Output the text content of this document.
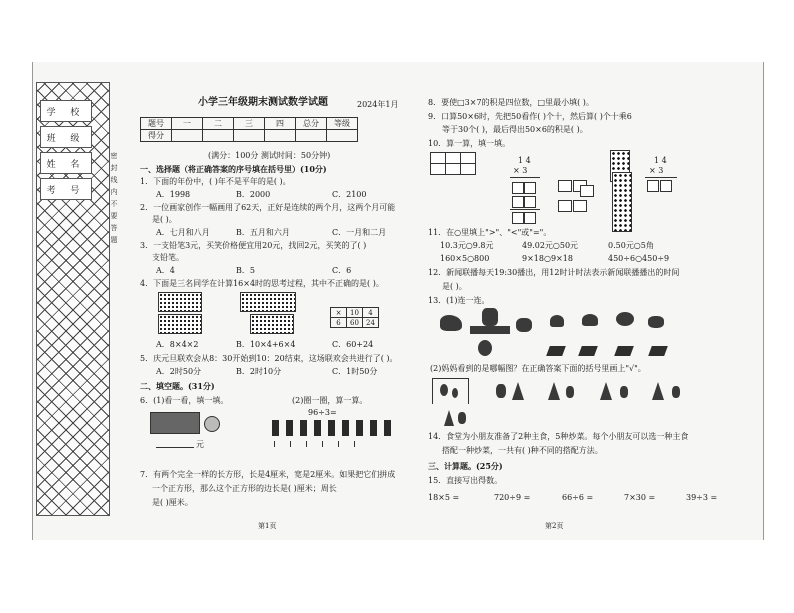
学 校
班 级
姓 名
考 号
密 封 线 内 不 要 答 题
小学三年级期末测试数学试题	2024年1月
题号	一	二	三	四	总分	等级
得分						
(满分：100分 测试时间：50分钟)
一、选择题（将正确答案的序号填在括号里）(10分)
1．下面的年份中，( )年不是平年的是( )。
A．1998	B．2000	C．2100
2．一位画家创作一幅画用了62天，正好是连续的两个月，这两个月可能
是( )。
A．七月和八月	B．五月和六月	C．一月和二月
3．一支铅笔3元，买笑价格便宜用20元，找回2元，买笑的了( )
支铅笔。
A．4	B．5	C．6
4．下面是三名同学在计算16×4时的思考过程，其中不正确的是( )。
×	10	4
6	60	24
A．8×4×2	B．10×4+6×4	C．60+24
5．庆元旦联欢会从8：30开始到10：20结束，这场联欢会共进行了( )。
A．2时50分	B．2时10分	C．1时50分
二、填空题。(31分)
6．(1)看一看，填一填。	(2)圈一圈，算一算。
96÷3=
元
7．有两个完全一样的长方形，长是4厘米，宽是2厘米。如果把它们拼成
一个正方形，那么这个正方形的边长是( )厘米；周长
是( )厘米。
第1页
8．要使□3×7的积是四位数，□里最小填( )。
9．口算50×6时，先把50看作( )个十，然后算( )个十乘6
等于30个( )，最后得出50×6的积是( )。
10．算一算，填一填。
1 4
× 3
1 4
× 3
11．在○里填上">"、"<"或"="。
10.3元○9.8元	49.02元○50元	0.50元○5角
160×5○800	9×18○9×18	450÷6○450÷9
12．新闻联播每天19:30播出，用12时计时法表示新闻联播播出的时间
是( )。
13．(1)连一连。
(2)妈妈看到的是哪幅图？在正确答案下面的括号里画上"√"。
14．食堂为小朋友准备了2种主食，5种炒菜。每个小朋友可以选一种主食
搭配一种炒菜，一共有( )种不同的搭配方法。
三、计算题。(25分)
15．直接写出得数。
18×5 =	720÷9 =	66÷6 =	7×30 =	39÷3 =
第2页
